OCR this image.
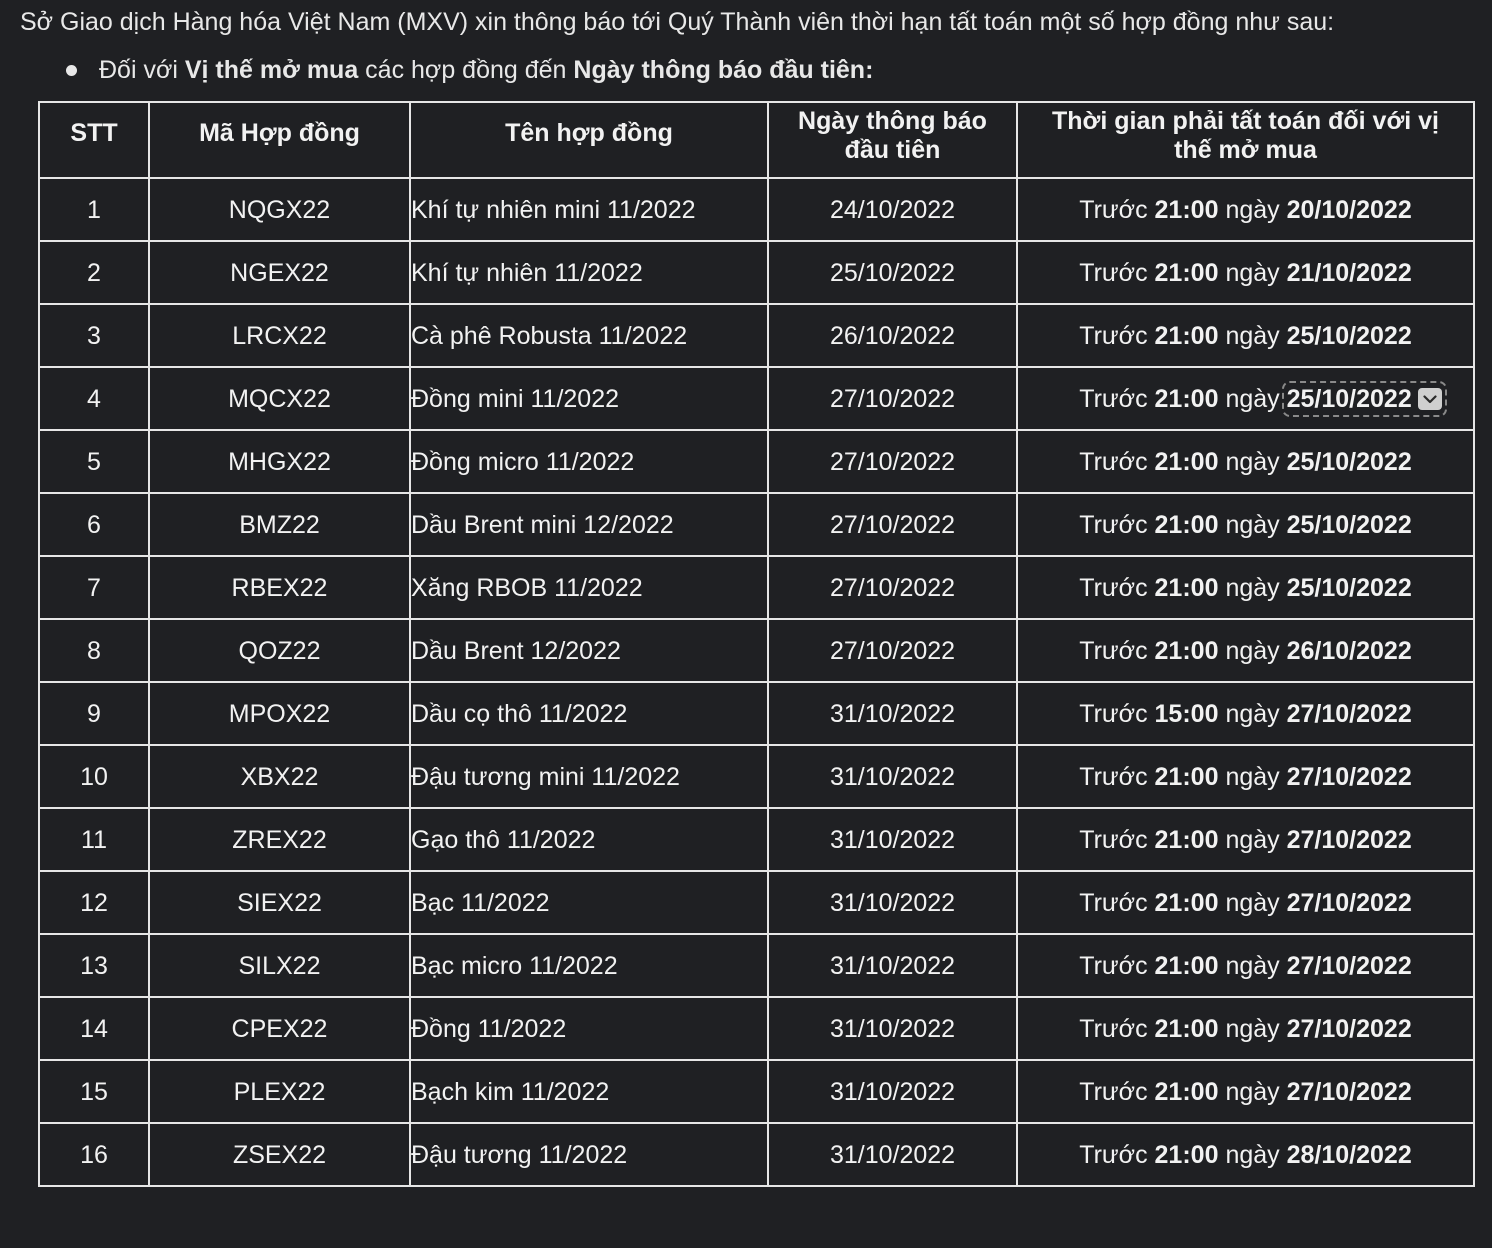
Sở Giao dịch Hàng hóa Việt Nam (MXV) xin thông báo tới Quý Thành viên thời hạn tất toán một số hợp đồng như sau:
Đối với Vị thế mở mua các hợp đồng đến Ngày thông báo đầu tiên:
STT	Mã Hợp đồng	Tên hợp đồng	Ngày thông báo đầu tiên	Thời gian phải tất toán đối với vị thế mở mua

1	NQGX22	Khí tự nhiên mini 11/2022	24/10/2022	Trước 21:00 ngày 20/10/2022
2	NGEX22	Khí tự nhiên 11/2022	25/10/2022	Trước 21:00 ngày 21/10/2022
3	LRCX22	Cà phê Robusta 11/2022	26/10/2022	Trước 21:00 ngày 25/10/2022
4	MQCX22	Đồng mini 11/2022	27/10/2022	Trước 21:00 ngày 25/10/2022

5	MHGX22	Đồng micro 11/2022	27/10/2022	Trước 21:00 ngày 25/10/2022
6	BMZ22	Dầu Brent mini 12/2022	27/10/2022	Trước 21:00 ngày 25/10/2022
7	RBEX22	Xăng RBOB 11/2022	27/10/2022	Trước 21:00 ngày 25/10/2022
8	QOZ22	Dầu Brent 12/2022	27/10/2022	Trước 21:00 ngày 26/10/2022
9	MPOX22	Dầu cọ thô 11/2022	31/10/2022	Trước 15:00 ngày 27/10/2022
10	XBX22	Đậu tương mini 11/2022	31/10/2022	Trước 21:00 ngày 27/10/2022
11	ZREX22	Gạo thô 11/2022	31/10/2022	Trước 21:00 ngày 27/10/2022
12	SIEX22	Bạc 11/2022	31/10/2022	Trước 21:00 ngày 27/10/2022
13	SILX22	Bạc micro 11/2022	31/10/2022	Trước 21:00 ngày 27/10/2022
14	CPEX22	Đồng 11/2022	31/10/2022	Trước 21:00 ngày 27/10/2022
15	PLEX22	Bạch kim 11/2022	31/10/2022	Trước 21:00 ngày 27/10/2022
16	ZSEX22	Đậu tương 11/2022	31/10/2022	Trước 21:00 ngày 28/10/2022
